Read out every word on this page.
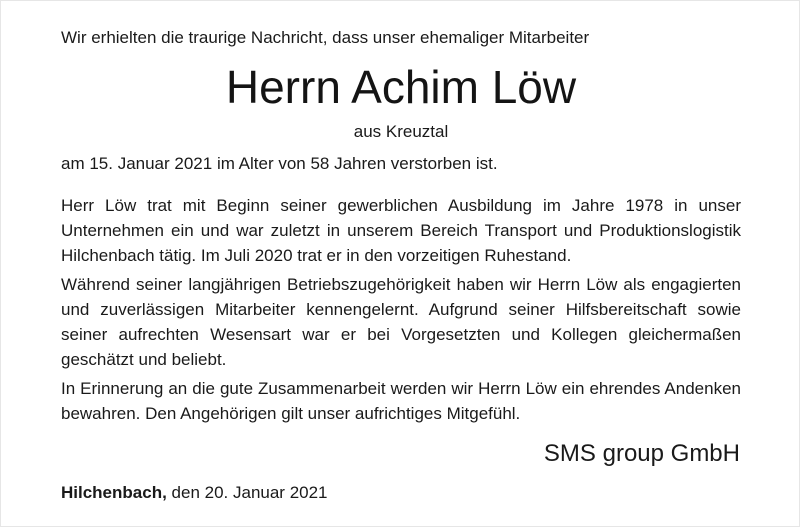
Wir erhielten die traurige Nachricht, dass unser ehemaliger Mitarbeiter
Herrn Achim Löw
aus Kreuztal
am 15. Januar 2021 im Alter von 58 Jahren verstorben ist.

Herr Löw trat mit Beginn seiner gewerblichen Ausbildung im Jahre 1978 in unser Unternehmen ein und war zuletzt in unserem Bereich Transport und Produktionslogistik Hilchenbach tätig. Im Juli 2020 trat er in den vorzeitigen Ruhestand.

Während seiner langjährigen Betriebszugehörigkeit haben wir Herrn Löw als engagierten und zuverlässigen Mitarbeiter kennengelernt. Aufgrund seiner Hilfsbereitschaft sowie seiner aufrechten Wesensart war er bei Vorgesetzten und Kollegen gleichermaßen geschätzt und beliebt.

In Erinnerung an die gute Zusammenarbeit werden wir Herrn Löw ein ehrendes Andenken bewahren. Den Angehörigen gilt unser aufrichtiges Mitgefühl.

SMS group GmbH
Hilchenbach, den 20. Januar 2021
